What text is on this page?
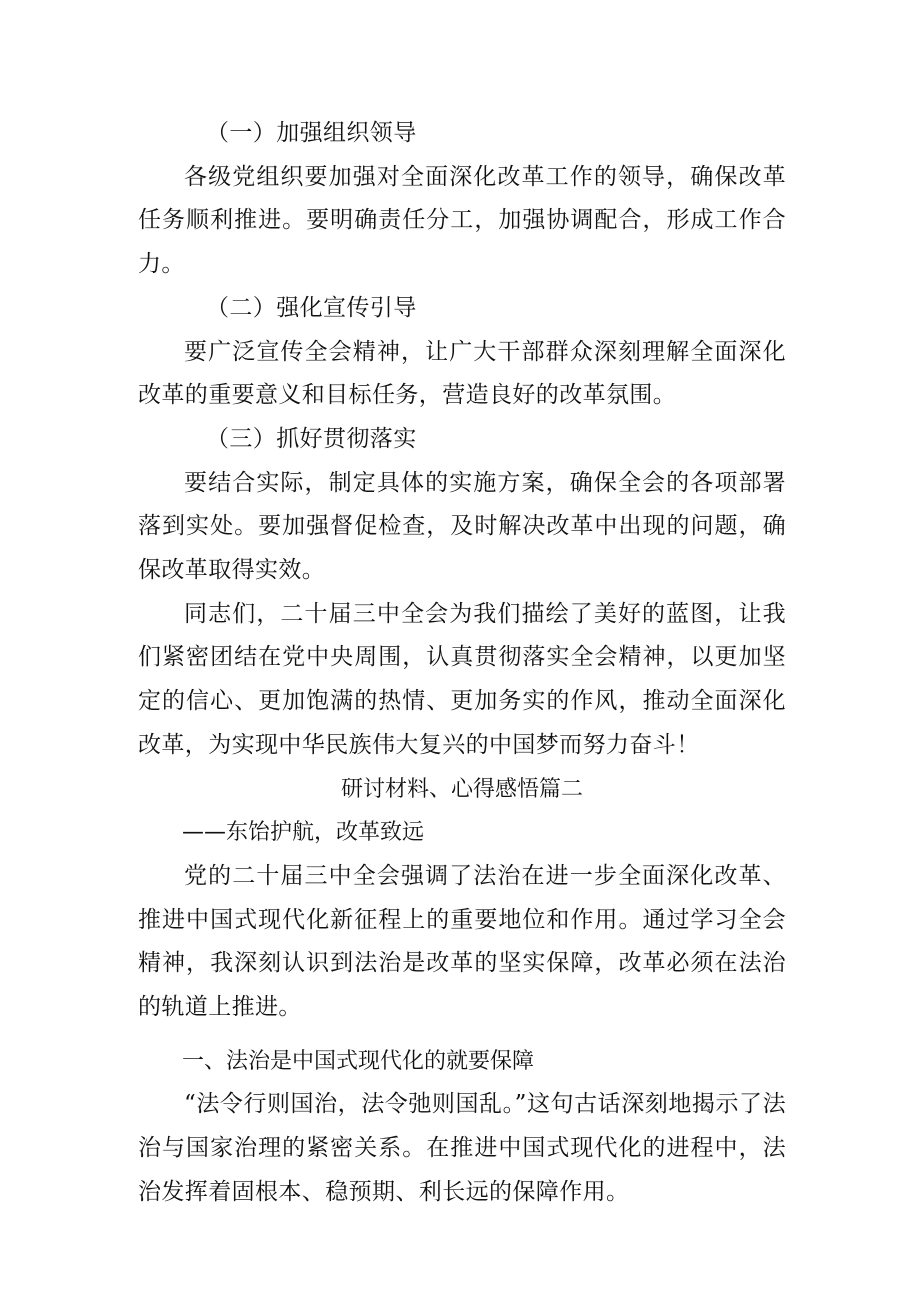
（一）加强组织领导
各级党组织要加强对全面深化改革工作的领导，确保改革任务顺利推进。要明确责任分工，加强协调配合，形成工作合力。
（二）强化宣传引导
要广泛宣传全会精神，让广大干部群众深刻理解全面深化改革的重要意义和目标任务，营造良好的改革氛围。
（三）抓好贯彻落实
要结合实际，制定具体的实施方案，确保全会的各项部署落到实处。要加强督促检查，及时解决改革中出现的问题，确保改革取得实效。
同志们，二十届三中全会为我们描绘了美好的蓝图，让我们紧密团结在党中央周围，认真贯彻落实全会精神，以更加坚定的信心、更加饱满的热情、更加务实的作风，推动全面深化改革，为实现中华民族伟大复兴的中国梦而努力奋斗！
研讨材料、心得感悟篇二
——东饴护航，改革致远
党的二十届三中全会强调了法治在进一步全面深化改革、推进中国式现代化新征程上的重要地位和作用。通过学习全会精神，我深刻认识到法治是改革的坚实保障，改革必须在法治的轨道上推进。
一、法治是中国式现代化的就要保障
“法令行则国治，法令弛则国乱。”这句古话深刻地揭示了法治与国家治理的紧密关系。在推进中国式现代化的进程中，法治发挥着固根本、稳预期、利长远的保障作用。
